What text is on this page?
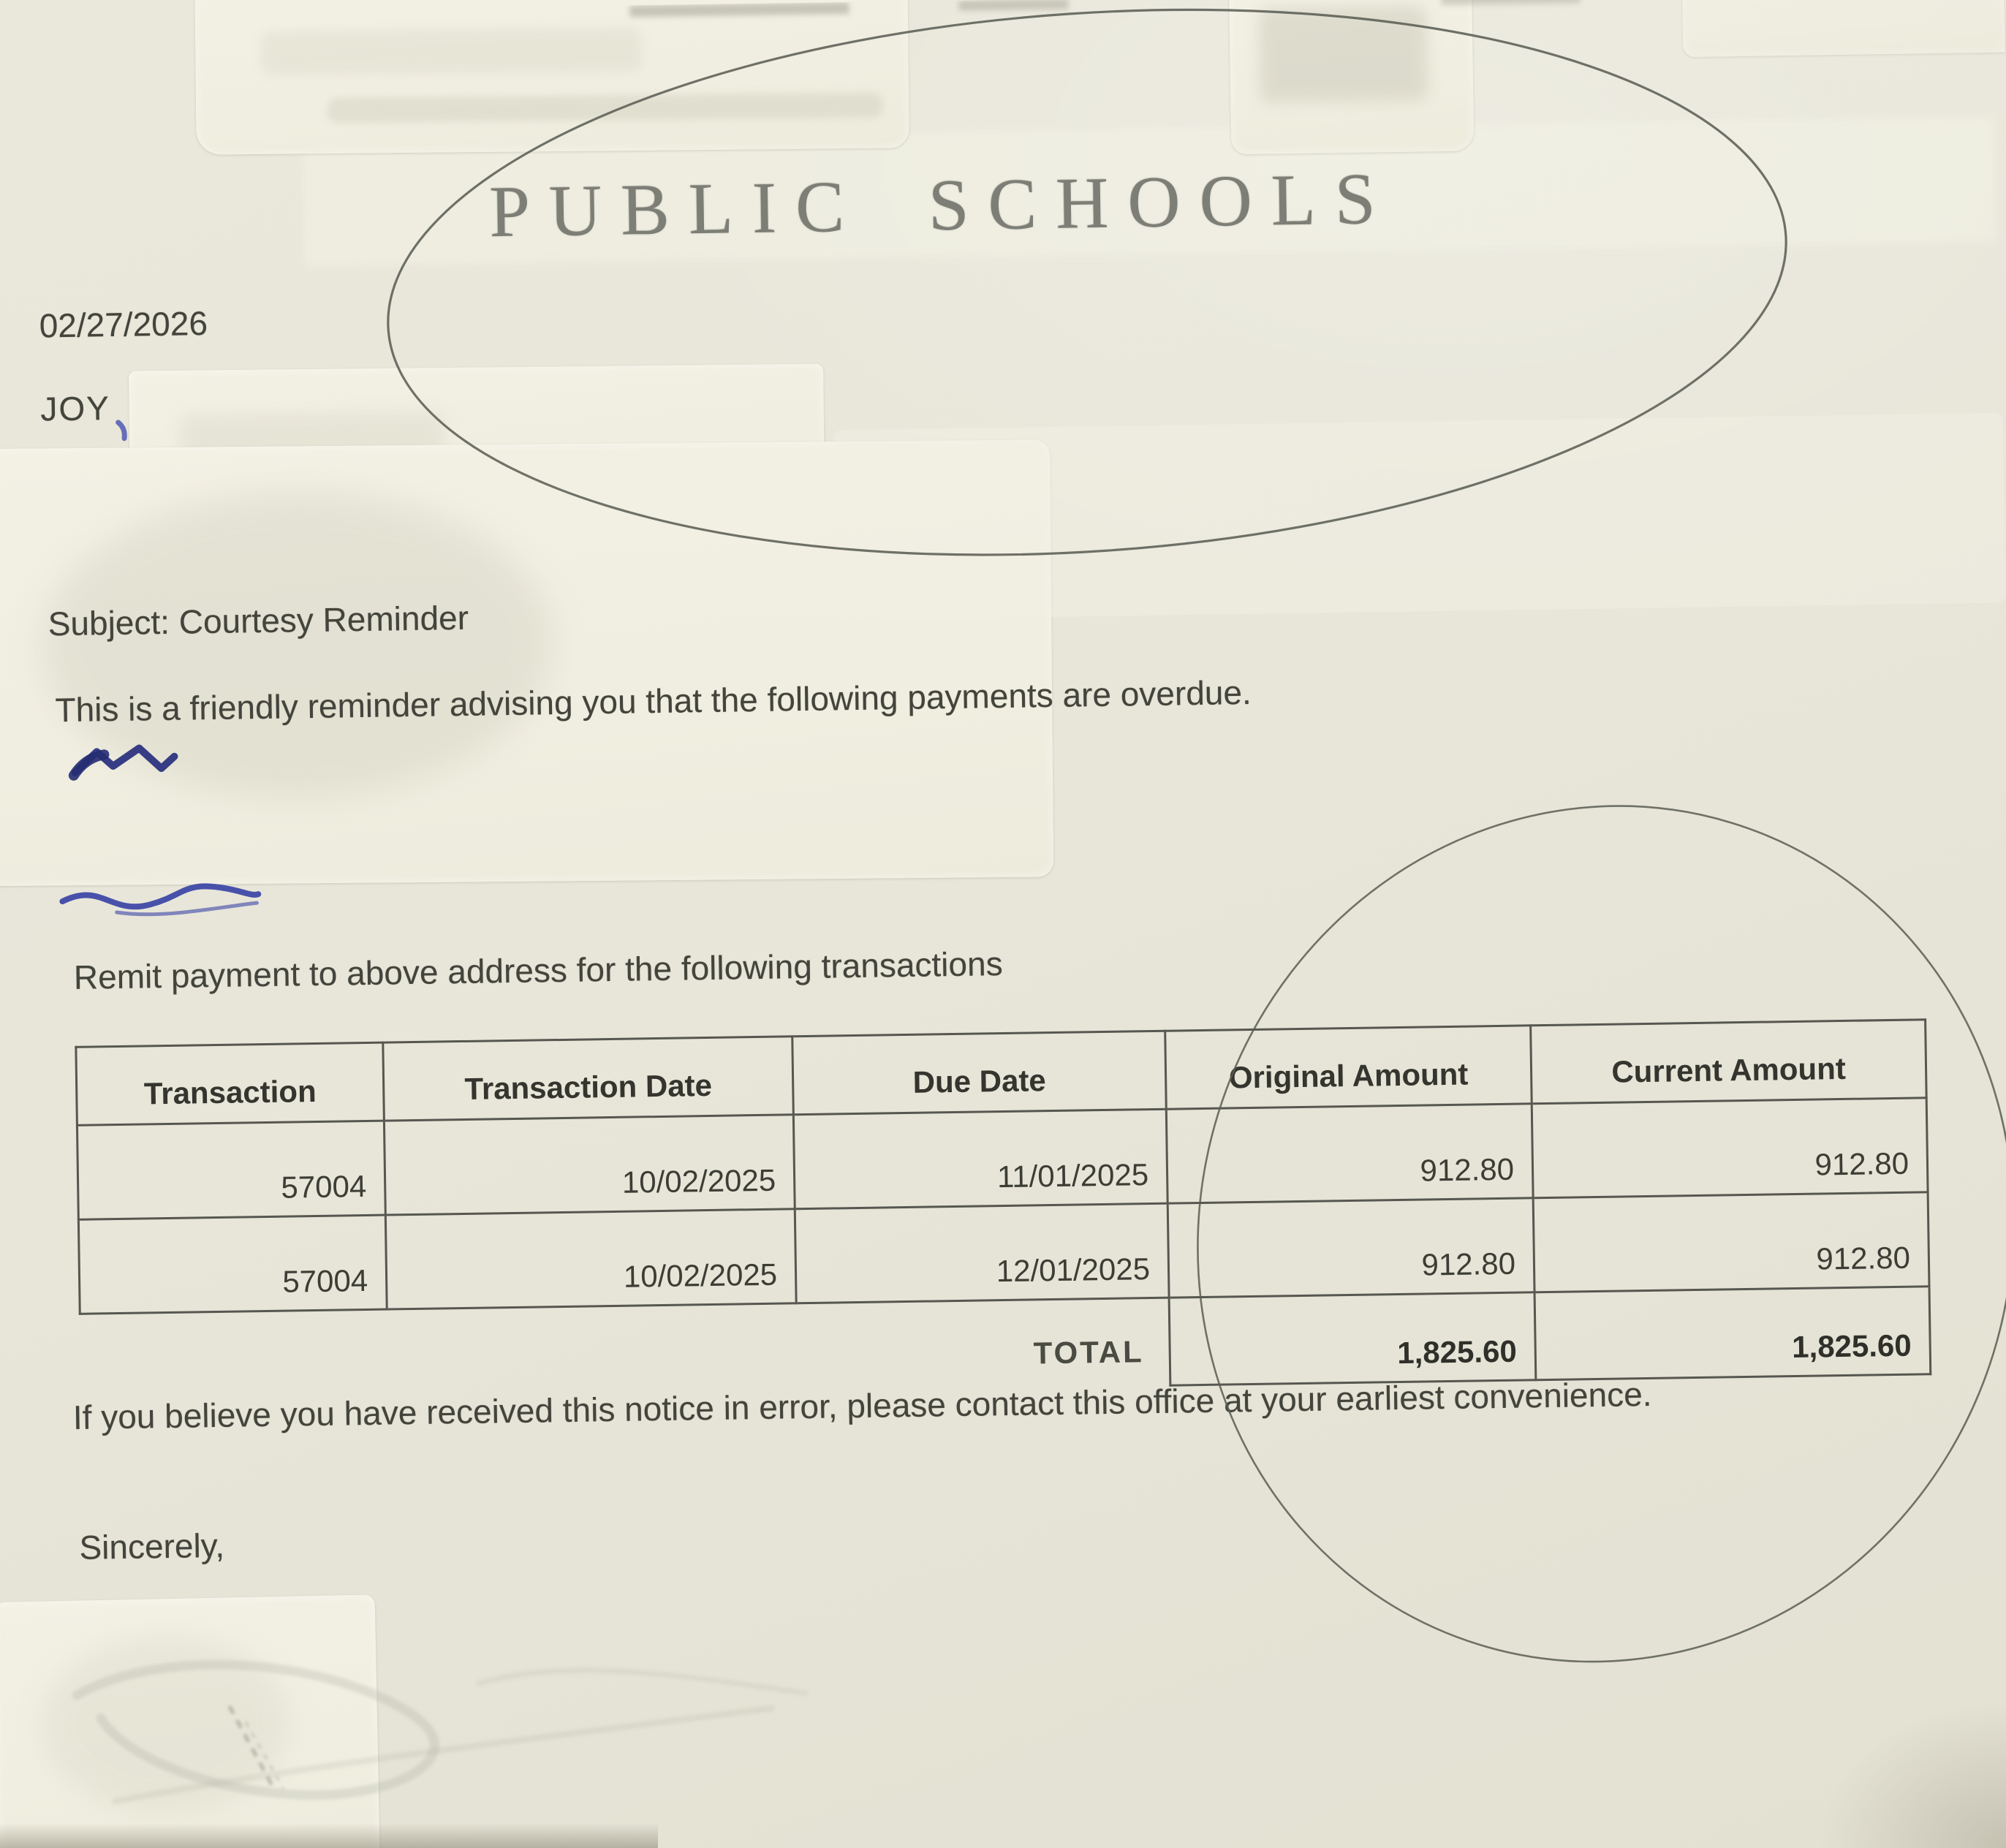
PUBLIC SCHOOLS
02/27/2026
JOY
Subject: Courtesy Reminder
This is a friendly reminder advising you that the following payments are overdue.
Remit payment to above address for the following transactions
If you believe you have received this notice in error, please contact this office at your earliest convenience.
Sincerely,
Transaction	Transaction Date	Due Date	Original Amount	Current Amount
57004	10/02/2025	11/01/2025	912.80	912.80
57004	10/02/2025	12/01/2025	912.80	912.80
		TOTAL	1,825.60	1,825.60
